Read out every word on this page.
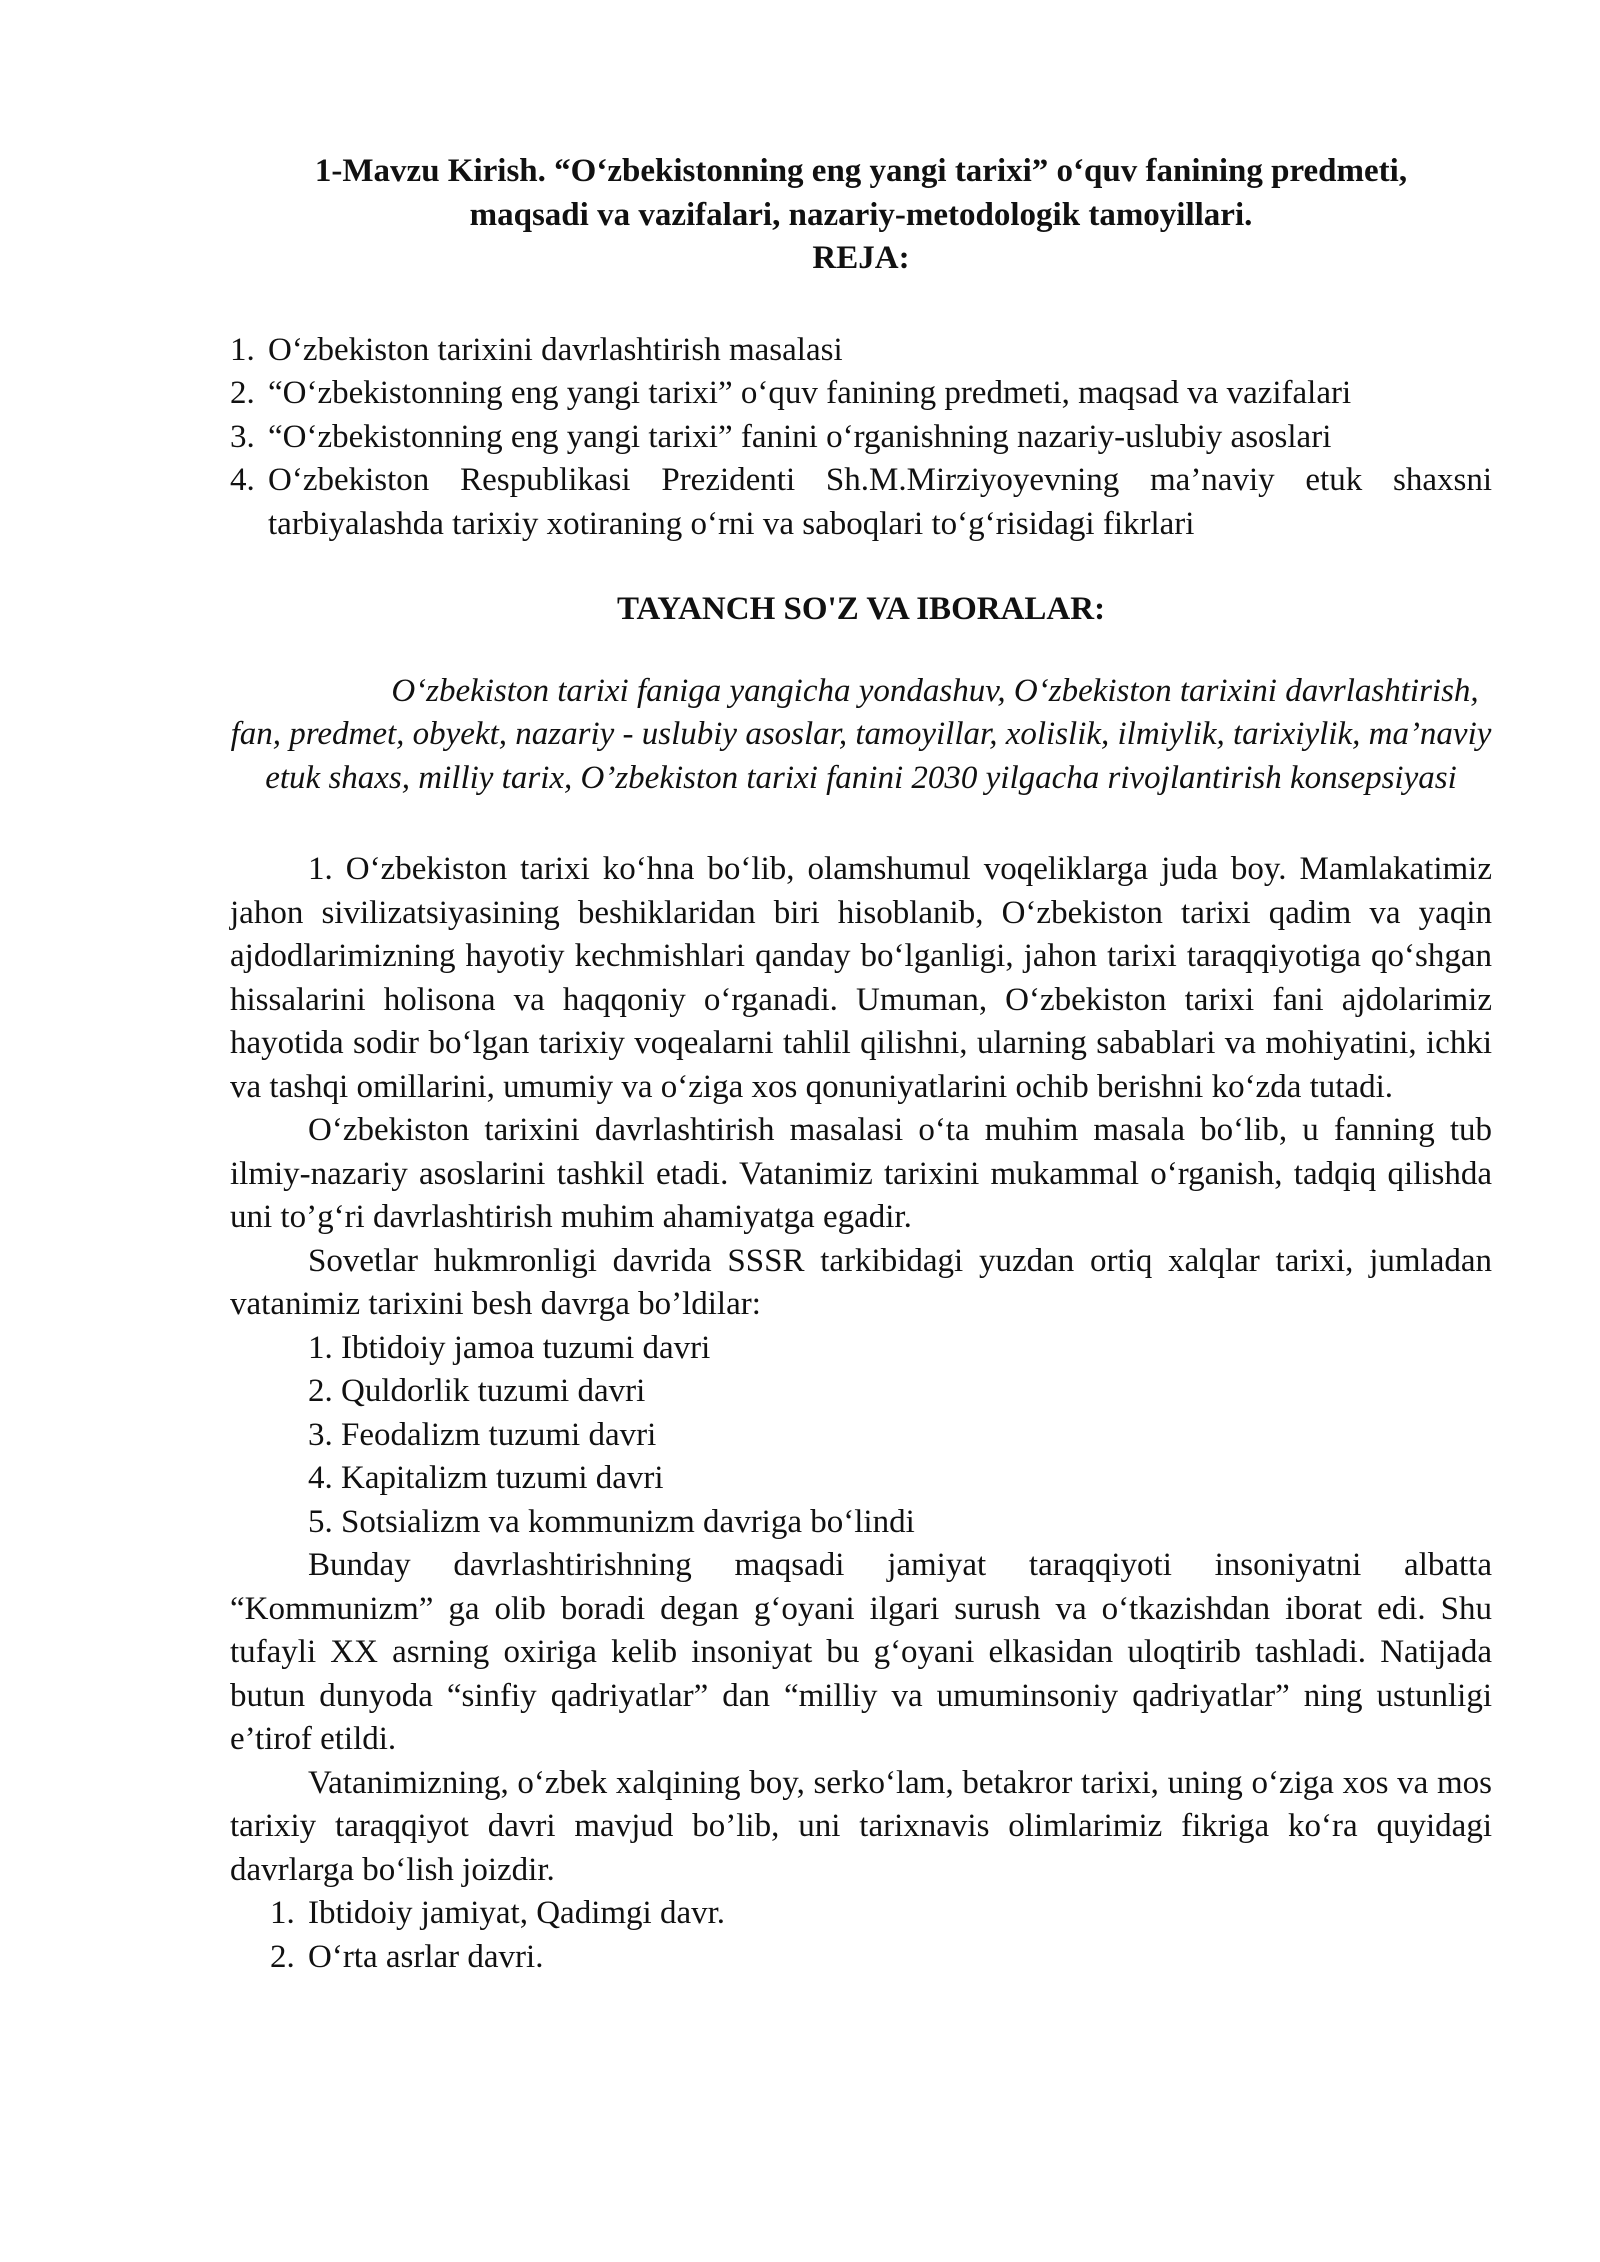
1-Mavzu Kirish. “O‘zbekistonning eng yangi tarixi” o‘quv fanining predmeti,
maqsadi va vazifalari, nazariy-metodologik tamoyillari.
REJA:
1. O‘zbekiston tarixini davrlashtirish masalasi
2. “O‘zbekistonning eng yangi tarixi” o‘quv fanining predmeti, maqsad va vazifalari
3. “O‘zbekistonning eng yangi tarixi” fanini o‘rganishning nazariy-uslubiy asoslari
4. O‘zbekiston Respublikasi Prezidenti Sh.M.Mirziyoyevning ma’naviy etuk shaxsni tarbiyalashda tarixiy xotiraning o‘rni va saboqlari to‘g‘risidagi fikrlari
TAYANCH SO'Z VA IBORALAR:

O‘zbekiston tarixi faniga yangicha yondashuv, O‘zbekiston tarixini davrlashtirish, fan, predmet, obyekt, nazariy - uslubiy asoslar, tamoyillar, xolislik, ilmiylik, tarixiylik, ma’naviy etuk shaxs, milliy tarix, O’zbekiston tarixi fanini 2030 yilgacha rivojlantirish konsepsiyasi

1. O‘zbekiston tarixi ko‘hna bo‘lib, olamshumul voqeliklarga juda boy. Mamlakatimiz jahon sivilizatsiyasining beshiklaridan biri hisoblanib, O‘zbekiston tarixi qadim va yaqin ajdodlarimizning hayotiy kechmishlari qanday bo‘lganligi, jahon tarixi taraqqiyotiga qo‘shgan hissalarini holisona va haqqoniy o‘rganadi. Umuman, O‘zbekiston tarixi fani ajdolarimiz hayotida sodir bo‘lgan tarixiy voqealarni tahlil qilishni, ularning sabablari va mohiyatini, ichki va tashqi omillarini, umumiy va o‘ziga xos qonuniyatlarini ochib berishni ko‘zda tutadi.

O‘zbekiston tarixini davrlashtirish masalasi o‘ta muhim masala bo‘lib, u fanning tub ilmiy-nazariy asoslarini tashkil etadi. Vatanimiz tarixini mukammal o‘rganish, tadqiq qilishda uni to’g‘ri davrlashtirish muhim ahamiyatga egadir.

Sovetlar hukmronligi davrida SSSR tarkibidagi yuzdan ortiq xalqlar tarixi, jumladan vatanimiz tarixini besh davrga bo’ldilar:

1. Ibtidoiy jamoa tuzumi davri
2. Quldorlik tuzumi davri
3. Feodalizm tuzumi davri
4. Kapitalizm tuzumi davri
5. Sotsializm va kommunizm davriga bo‘lindi

Bunday davrlashtirishning maqsadi jamiyat taraqqiyoti insoniyatni albatta “Kommunizm” ga olib boradi degan g‘oyani ilgari surush va o‘tkazishdan iborat edi. Shu tufayli XX asrning oxiriga kelib insoniyat bu g‘oyani elkasidan uloqtirib tashladi. Natijada butun dunyoda “sinfiy qadriyatlar” dan “milliy va umuminsoniy qadriyatlar” ning ustunligi e’tirof etildi.

Vatanimizning, o‘zbek xalqining boy, serko‘lam, betakror tarixi, uning o‘ziga xos va mos tarixiy taraqqiyot davri mavjud bo’lib, uni tarixnavis olimlarimiz fikriga ko‘ra quyidagi davrlarga bo‘lish joizdir.

1. Ibtidoiy jamiyat, Qadimgi davr.
2. O‘rta asrlar davri.
